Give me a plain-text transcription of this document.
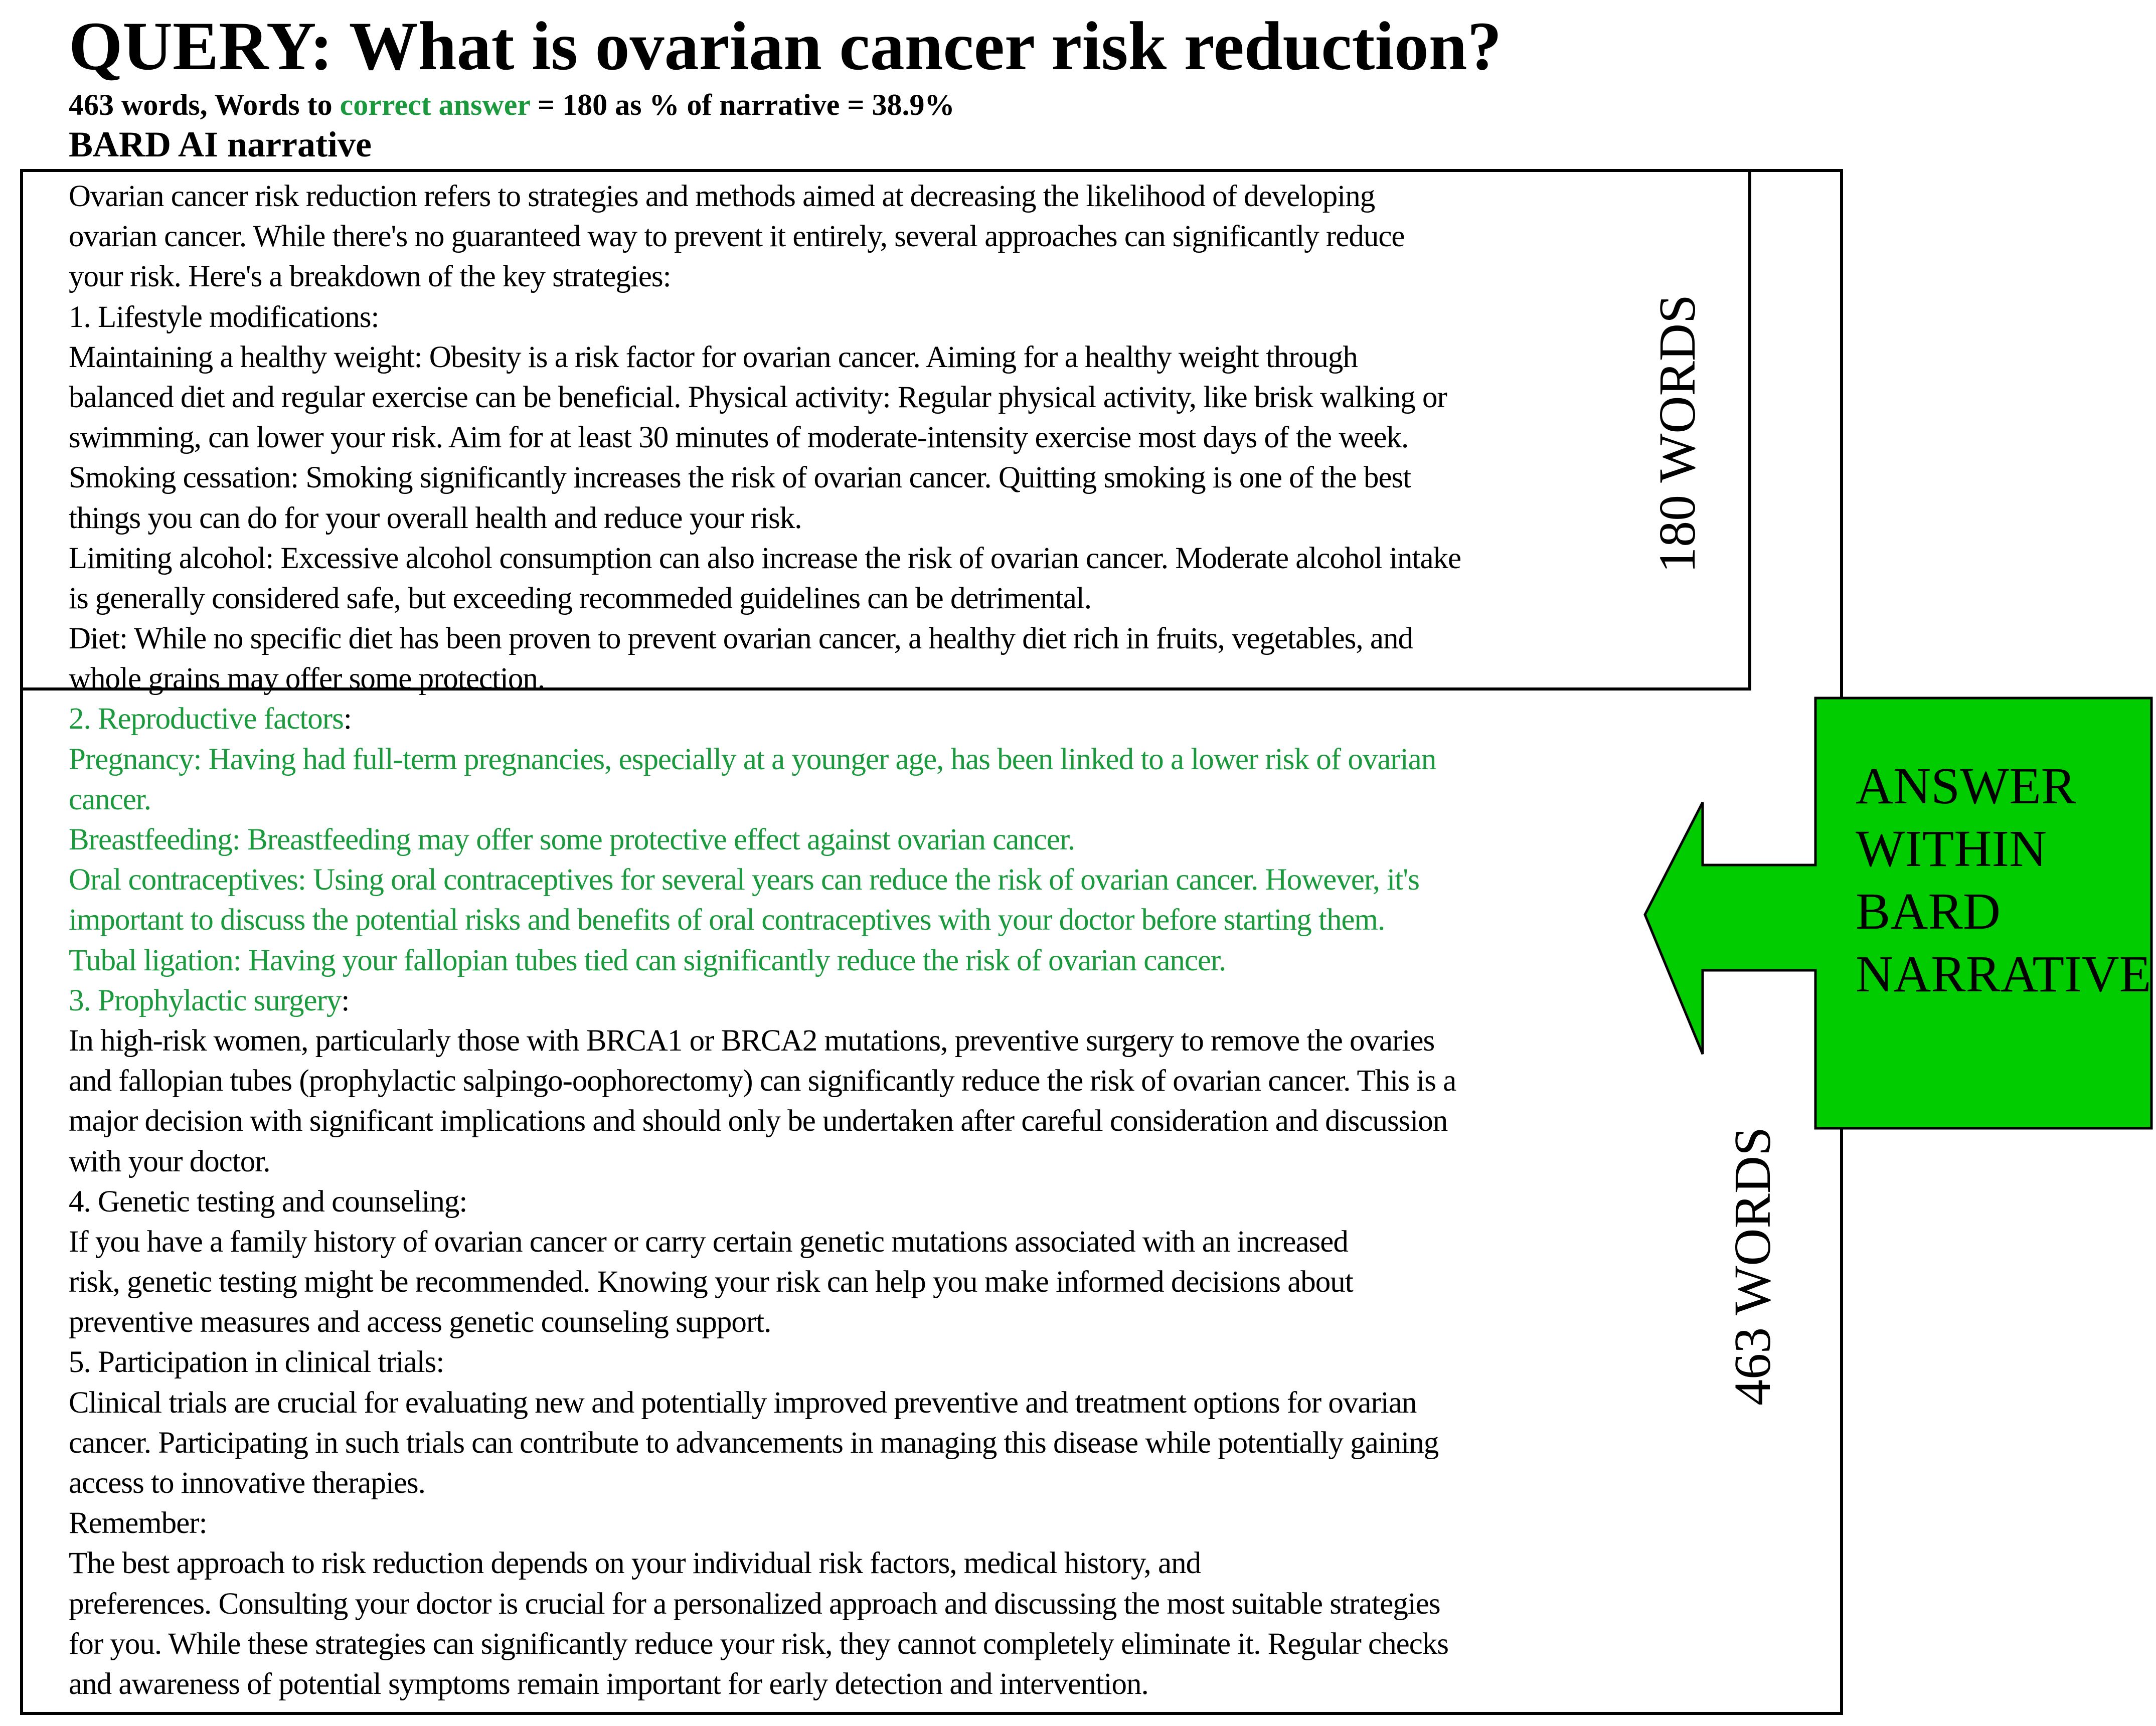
QUERY: What is ovarian cancer risk reduction?
463 words, Words to correct answer = 180 as % of narrative = 38.9%
BARD AI narrative
Ovarian cancer risk reduction refers to strategies and methods aimed at decreasing the likelihood of developing
ovarian cancer. While there's no guaranteed way to prevent it entirely, several approaches can significantly reduce
your risk. Here's a breakdown of the key strategies:
1. Lifestyle modifications:
Maintaining a healthy weight: Obesity is a risk factor for ovarian cancer. Aiming for a healthy weight through
balanced diet and regular exercise can be beneficial. Physical activity: Regular physical activity, like brisk walking or
swimming, can lower your risk. Aim for at least 30 minutes of moderate-intensity exercise most days of the week.
Smoking cessation: Smoking significantly increases the risk of ovarian cancer. Quitting smoking is one of the best
things you can do for your overall health and reduce your risk.
Limiting alcohol: Excessive alcohol consumption can also increase the risk of ovarian cancer. Moderate alcohol intake
is generally considered safe, but exceeding recommeded guidelines can be detrimental.
Diet: While no specific diet has been proven to prevent ovarian cancer, a healthy diet rich in fruits, vegetables, and
whole grains may offer some protection.
2. Reproductive factors:
Pregnancy: Having had full-term pregnancies, especially at a younger age, has been linked to a lower risk of ovarian
cancer.
Breastfeeding: Breastfeeding may offer some protective effect against ovarian cancer.
Oral contraceptives: Using oral contraceptives for several years can reduce the risk of ovarian cancer. However, it's
important to discuss the potential risks and benefits of oral contraceptives with your doctor before starting them.
Tubal ligation: Having your fallopian tubes tied can significantly reduce the risk of ovarian cancer.
3. Prophylactic surgery:
In high-risk women, particularly those with BRCA1 or BRCA2 mutations, preventive surgery to remove the ovaries
and fallopian tubes (prophylactic salpingo-oophorectomy) can significantly reduce the risk of ovarian cancer. This is a
major decision with significant implications and should only be undertaken after careful consideration and discussion
with your doctor.
4. Genetic testing and counseling:
If you have a family history of ovarian cancer or carry certain genetic mutations associated with an increased
risk, genetic testing might be recommended. Knowing your risk can help you make informed decisions about
preventive measures and access genetic counseling support.
5. Participation in clinical trials:
Clinical trials are crucial for evaluating new and potentially improved preventive and treatment options for ovarian
cancer. Participating in such trials can contribute to advancements in managing this disease while potentially gaining
access to innovative therapies.
Remember:
The best approach to risk reduction depends on your individual risk factors, medical history, and
preferences. Consulting your doctor is crucial for a personalized approach and discussing the most suitable strategies
for you. While these strategies can significantly reduce your risk, they cannot completely eliminate it. Regular checks
and awareness of potential symptoms remain important for early detection and intervention.
180 WORDS
463 WORDS
ANSWER
WITHIN
BARD
NARRATIVE
